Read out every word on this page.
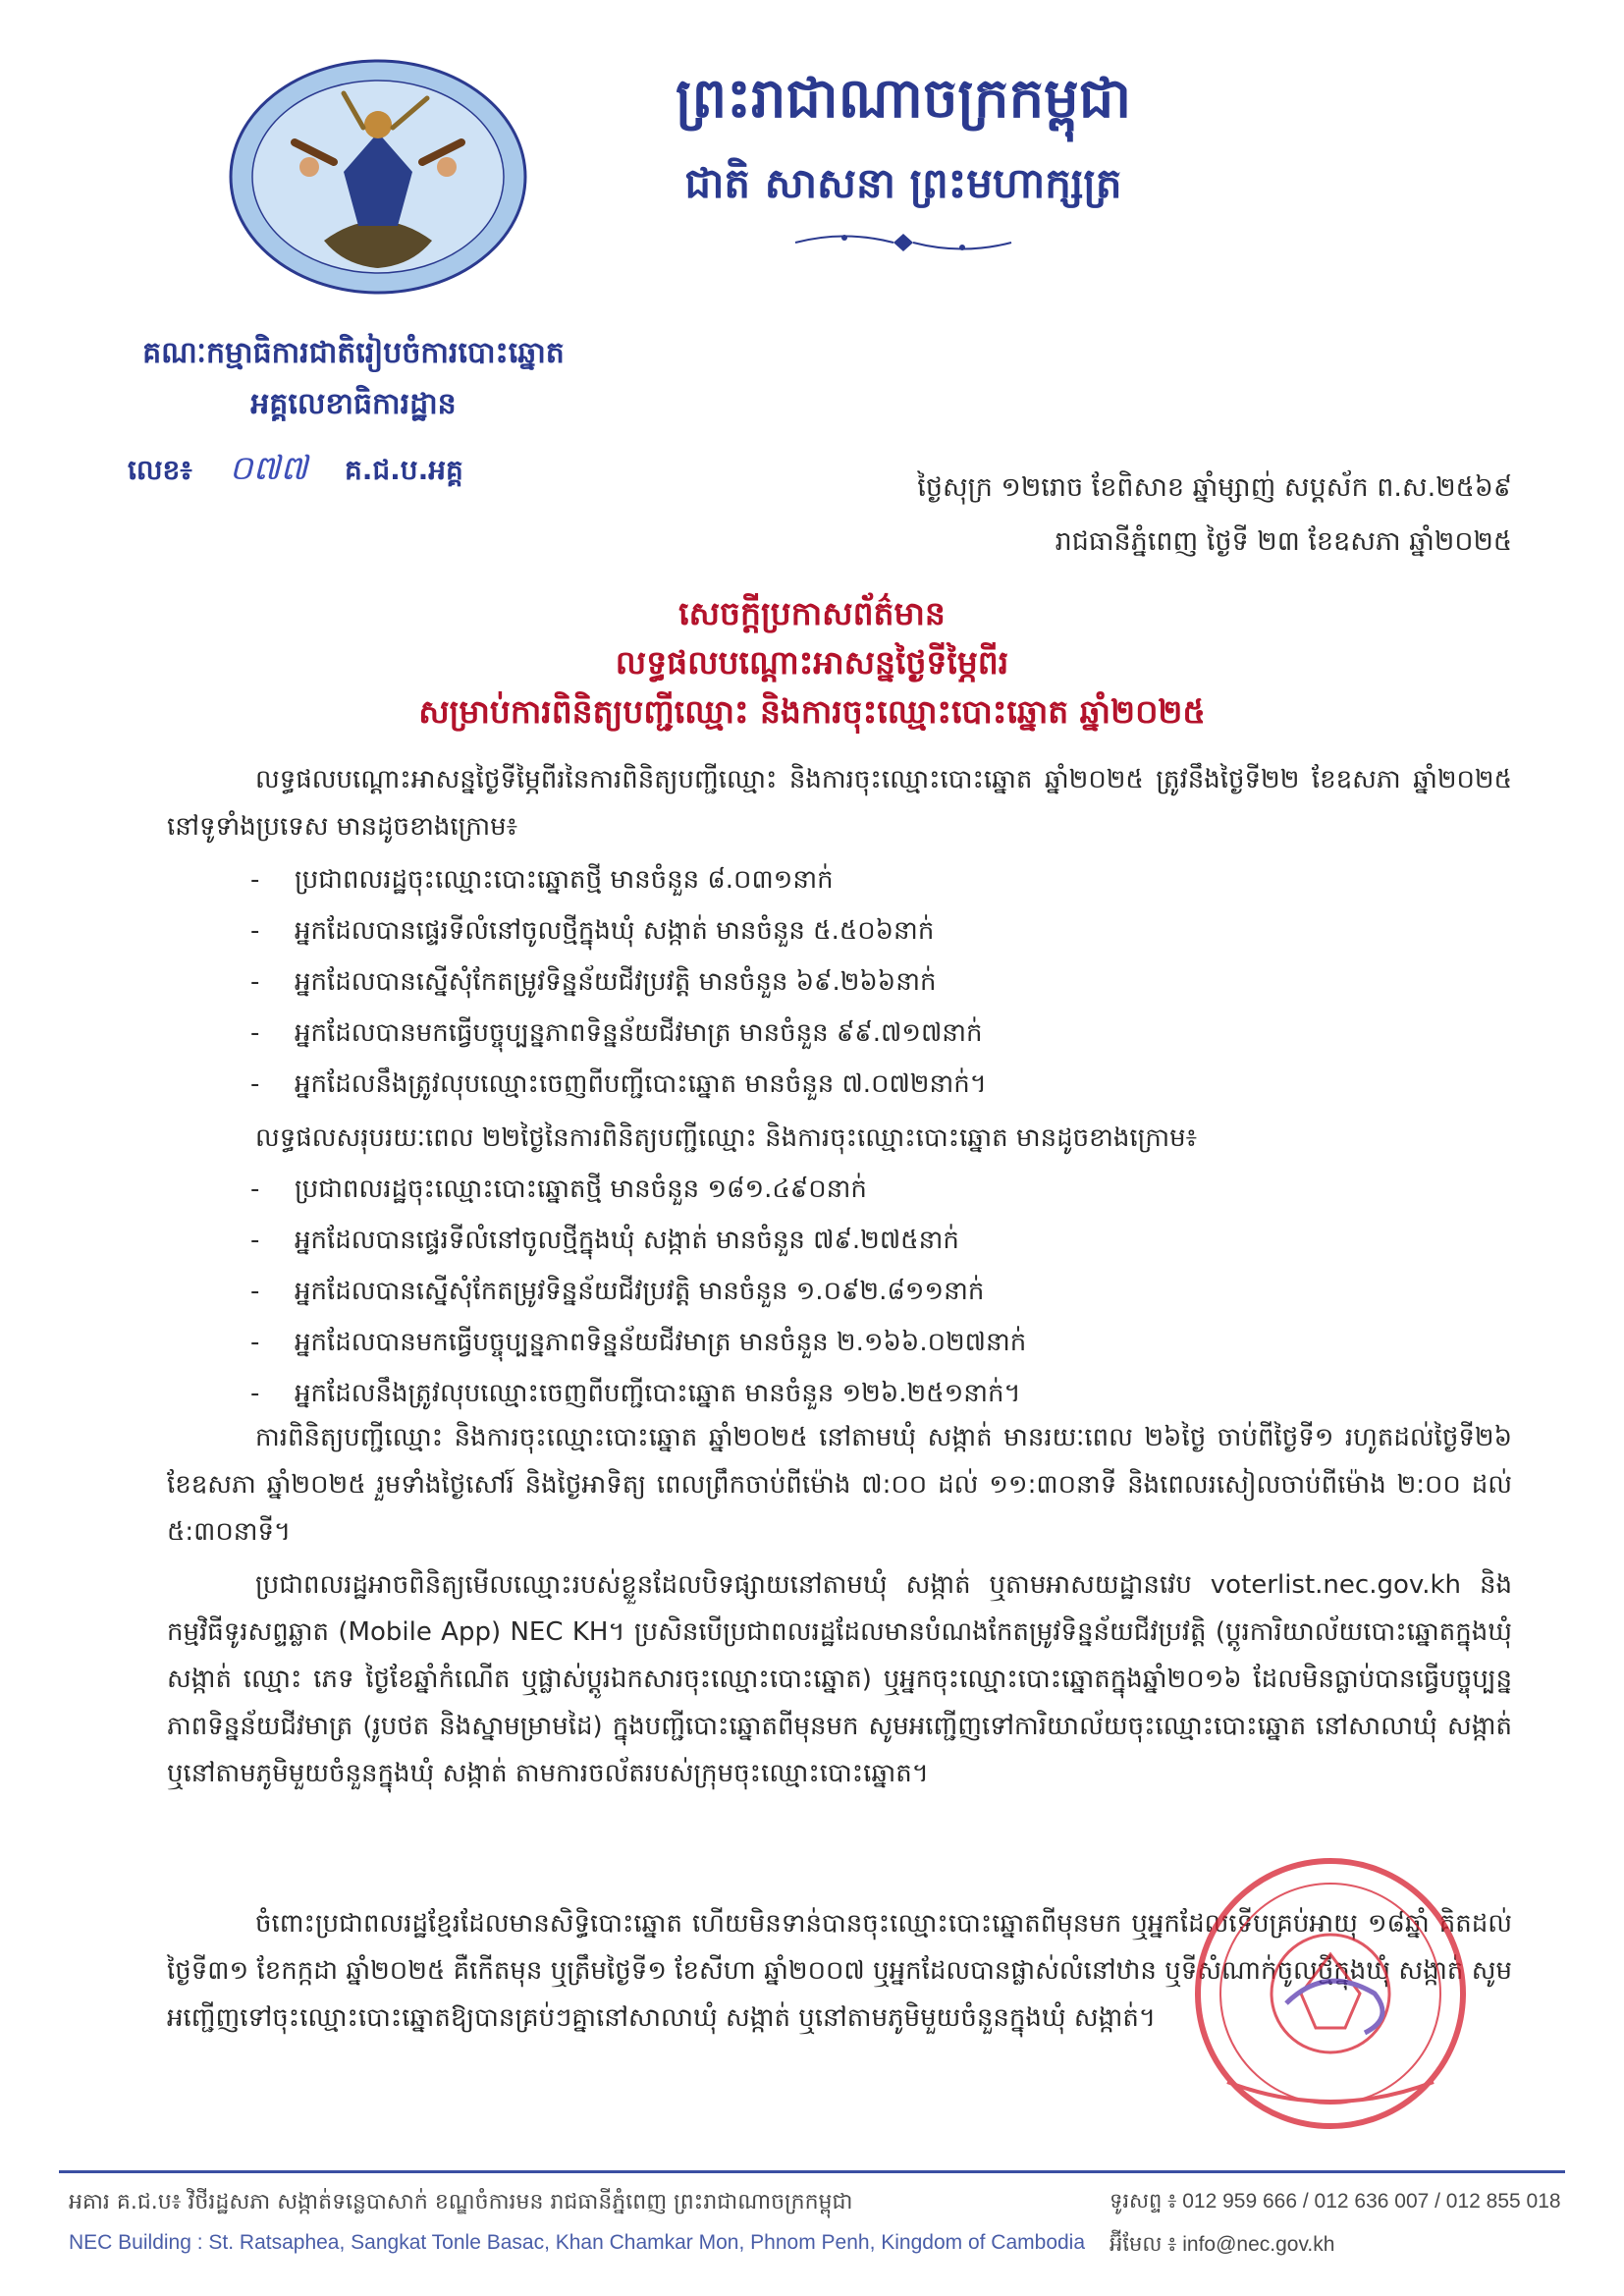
ព្រះរាជាណាចក្រកម្ពុជា
ជាតិ សាសនា ព្រះមហាក្សត្រ
គណៈកម្មាធិការជាតិរៀបចំការបោះឆ្នោត
អគ្គលេខាធិការដ្ឋាន
លេខ៖ ០៧៧ គ.ជ.ប.អគ្គ
ថ្ងៃសុក្រ ១២រោច ខែពិសាខ ឆ្នាំម្សាញ់ សប្តស័ក ព.ស.២៥៦៩
រាជធានីភ្នំពេញ ថ្ងៃទី ២៣ ខែឧសភា ឆ្នាំ២០២៥
សេចក្តីប្រកាសព័ត៌មាន
លទ្ធផលបណ្តោះអាសន្នថ្ងៃទីម្ភៃពីរ
សម្រាប់ការពិនិត្យបញ្ជីឈ្មោះ និងការចុះឈ្មោះបោះឆ្នោត ឆ្នាំ២០២៥
លទ្ធផលបណ្តោះអាសន្នថ្ងៃទីម្ភៃពីរនៃការពិនិត្យបញ្ជីឈ្មោះ និងការចុះឈ្មោះបោះឆ្នោត ឆ្នាំ២០២៥ ត្រូវនឹងថ្ងៃទី២២ ខែឧសភា ឆ្នាំ២០២៥ នៅទូទាំងប្រទេស មានដូចខាងក្រោម៖
- ប្រជាពលរដ្ឋចុះឈ្មោះបោះឆ្នោតថ្មី មានចំនួន ៨.០៣១នាក់
- អ្នកដែលបានផ្ទេរទីលំនៅចូលថ្មីក្នុងឃុំ សង្កាត់ មានចំនួន ៥.៥០៦នាក់
- អ្នកដែលបានស្នើសុំកែតម្រូវទិន្នន័យជីវប្រវត្តិ មានចំនួន ៦៩.២៦៦នាក់
- អ្នកដែលបានមកធ្វើបច្ចុប្បន្នភាពទិន្នន័យជីវមាត្រ មានចំនួន ៩៩.៧១៧នាក់
- អ្នកដែលនឹងត្រូវលុបឈ្មោះចេញពីបញ្ជីបោះឆ្នោត មានចំនួន ៧.០៧២នាក់។
លទ្ធផលសរុបរយៈពេល ២២ថ្ងៃនៃការពិនិត្យបញ្ជីឈ្មោះ និងការចុះឈ្មោះបោះឆ្នោត មានដូចខាងក្រោម៖
- ប្រជាពលរដ្ឋចុះឈ្មោះបោះឆ្នោតថ្មី មានចំនួន ១៨១.៤៩០នាក់
- អ្នកដែលបានផ្ទេរទីលំនៅចូលថ្មីក្នុងឃុំ សង្កាត់ មានចំនួន ៧៩.២៧៥នាក់
- អ្នកដែលបានស្នើសុំកែតម្រូវទិន្នន័យជីវប្រវត្តិ មានចំនួន ១.០៩២.៨១១នាក់
- អ្នកដែលបានមកធ្វើបច្ចុប្បន្នភាពទិន្នន័យជីវមាត្រ មានចំនួន ២.១៦៦.០២៧នាក់
- អ្នកដែលនឹងត្រូវលុបឈ្មោះចេញពីបញ្ជីបោះឆ្នោត មានចំនួន ១២៦.២៥១នាក់។
ការពិនិត្យបញ្ជីឈ្មោះ និងការចុះឈ្មោះបោះឆ្នោត ឆ្នាំ២០២៥ នៅតាមឃុំ សង្កាត់ មានរយៈពេល ២៦ថ្ងៃ ចាប់ពីថ្ងៃទី១ រហូតដល់ថ្ងៃទី២៦ ខែឧសភា ឆ្នាំ២០២៥ រួមទាំងថ្ងៃសៅរ៍ និងថ្ងៃអាទិត្យ ពេលព្រឹកចាប់ពីម៉ោង ៧:០០ ដល់ ១១:៣០នាទី និងពេលរសៀលចាប់ពីម៉ោង ២:០០ ដល់ ៥:៣០នាទី។
ប្រជាពលរដ្ឋអាចពិនិត្យមើលឈ្មោះរបស់ខ្លួនដែលបិទផ្សាយនៅតាមឃុំ សង្កាត់ ឬតាមអាសយដ្ឋានវេប voterlist.nec.gov.kh និងកម្មវិធីទូរសព្ទឆ្លាត (Mobile App) NEC KH។ ប្រសិនបើប្រជាពលរដ្ឋដែលមានបំណងកែតម្រូវទិន្នន័យជីវប្រវត្តិ (ប្តូរការិយាល័យបោះឆ្នោតក្នុងឃុំ សង្កាត់ ឈ្មោះ ភេទ ថ្ងៃខែឆ្នាំកំណើត ឬផ្លាស់ប្តូរឯកសារចុះឈ្មោះបោះឆ្នោត) ឬអ្នកចុះឈ្មោះបោះឆ្នោតក្នុងឆ្នាំ២០១៦ ដែលមិនធ្លាប់បានធ្វើបច្ចុប្បន្នភាពទិន្នន័យជីវមាត្រ (រូបថត និងស្នាមម្រាមដៃ) ក្នុងបញ្ជីបោះឆ្នោតពីមុនមក សូមអញ្ជើញទៅការិយាល័យចុះឈ្មោះបោះឆ្នោត នៅសាលាឃុំ សង្កាត់ ឬនៅតាមភូមិមួយចំនួនក្នុងឃុំ សង្កាត់ តាមការចល័តរបស់ក្រុមចុះឈ្មោះបោះឆ្នោត។
ចំពោះប្រជាពលរដ្ឋខ្មែរដែលមានសិទ្ធិបោះឆ្នោត ហើយមិនទាន់បានចុះឈ្មោះបោះឆ្នោតពីមុនមក ឬអ្នកដែលទើបគ្រប់អាយុ ១៨ឆ្នាំ គិតដល់ថ្ងៃទី៣១ ខែកក្កដា ឆ្នាំ២០២៥ គឺកើតមុន ឬត្រឹមថ្ងៃទី១ ខែសីហា ឆ្នាំ២០០៧ ឬអ្នកដែលបានផ្លាស់លំនៅឋាន ឬទីសំណាក់ចូលថ្មីក្នុងឃុំ សង្កាត់ សូមអញ្ជើញទៅចុះឈ្មោះបោះឆ្នោតឱ្យបានគ្រប់ៗគ្នានៅសាលាឃុំ សង្កាត់ ឬនៅតាមភូមិមួយចំនួនក្នុងឃុំ សង្កាត់។
អគារ គ.ជ.ប៖ វិថីរដ្ឋសភា សង្កាត់ទន្លេបាសាក់ ខណ្ឌចំការមន រាជធានីភ្នំពេញ ព្រះរាជាណាចក្រកម្ពុជា
NEC Building : St. Ratsaphea, Sangkat Tonle Basac, Khan Chamkar Mon, Phnom Penh, Kingdom of Cambodia
ទូរសព្ទ ៖ 012 959 666 / 012 636 007 / 012 855 018
អ៊ីមែល ៖ info@nec.gov.kh
